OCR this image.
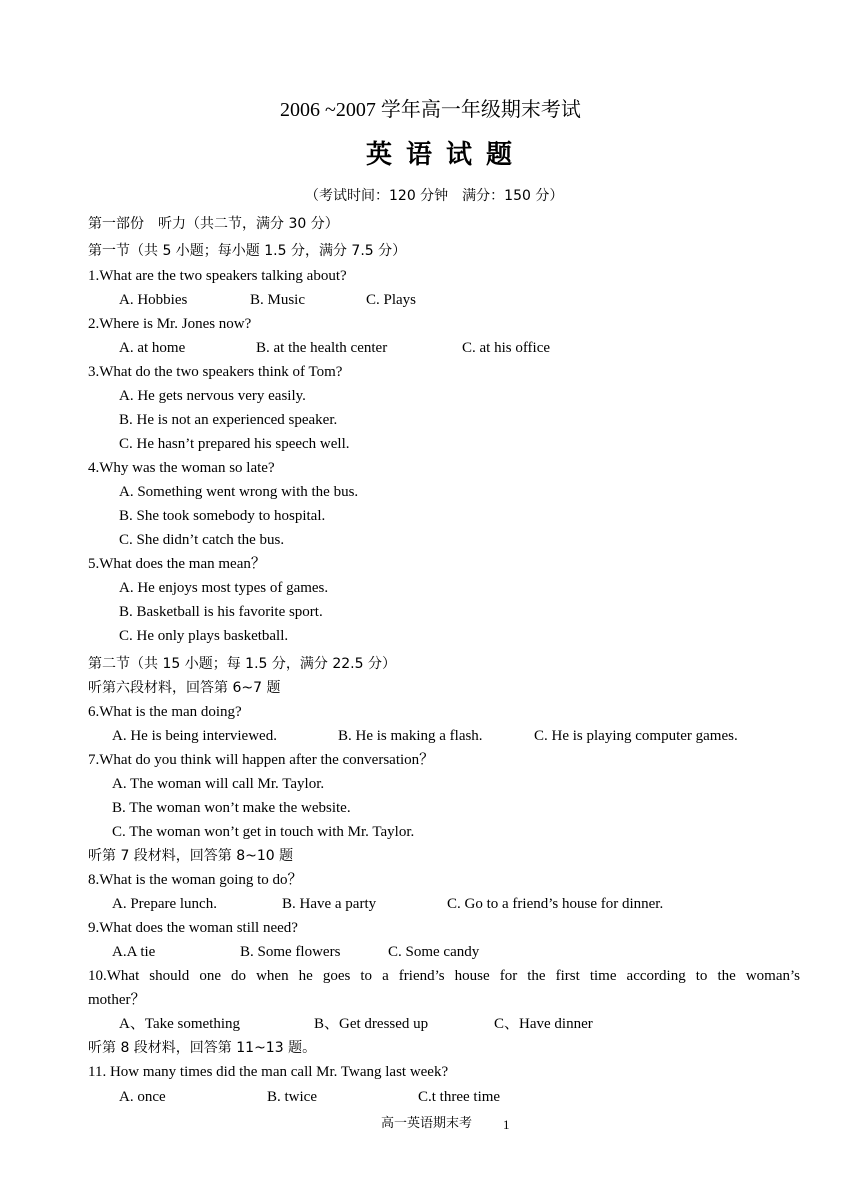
2006 ~2007 学年高一年级期末考试
英语试题
（考试时间：120 分钟　满分：150 分）
第一部份　听力（共二节，满分 30 分）
第一节（共 5 小题；每小题 1.5 分，满分 7.5 分）
1.What are the two speakers talking about?
A. Hobbies	B. Music	C. Plays
2.Where is Mr. Jones now?
A. at home	B. at the health center	C. at his office
3.What do the two speakers think of Tom?
A. He gets nervous very easily.
B. He is not an experienced speaker.
C. He hasn’t prepared his speech well.
4.Why was the woman so late?
A. Something went wrong with the bus.
B. She took somebody to hospital.
C. She didn’t catch the bus.
5.What does the man mean？
A. He enjoys most types of games.
B. Basketball is his favorite sport.
C. He only plays basketball.
第二节（共 15 小题；每 1.5 分，满分 22.5 分）
听第六段材料，回答第 6~7 题
6.What is the man doing?
A. He is being interviewed.	B. He is making a flash.	C. He is playing computer games.
7.What do you think will happen after the conversation？
A. The woman will call Mr. Taylor.
B. The woman won’t make the website.
C. The woman won’t get in touch with Mr. Taylor.
听第 7 段材料，回答第 8~10 题
8.What is the woman going to do？
A. Prepare lunch.	B. Have a party	C. Go to a friend’s house for dinner.
9.What does the woman still need?
A.A tie	B. Some flowers	C. Some candy
10.What should one do when he goes to a friend’s house for the first time according to the woman’s
mother？
A、Take something	B、Get dressed up	C、Have dinner
听第 8 段材料，回答第 11~13 题。
11. How many times did the man call Mr. Twang last week?
A. once	B. twice	C.t three time
高一英语期末考 1
